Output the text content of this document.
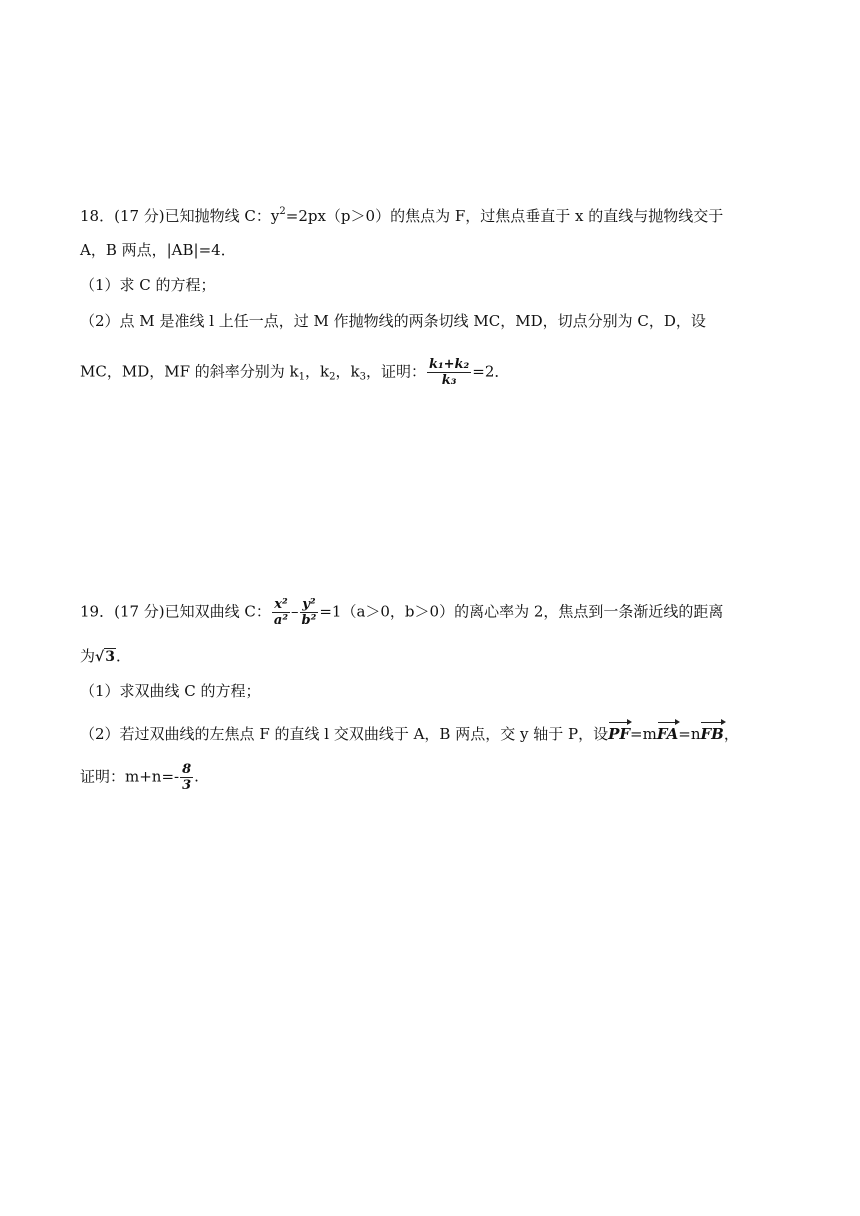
18．(17 分)已知抛物线 C：$y^2=2px(p>0)$的焦点为 F，过焦点垂直于 x 的直线与抛物线交于
A，B 两点，|AB|=4．
（1）求 C 的方程；
（2）点 M 是准线 l 上任一点，过 M 作抛物线的两条切线 MC，MD，切点分别为 C，D，设
MC，MD，MF 的斜率分别为 $k_1$，$k_2$，$k_3$，证明： $\frac{\text{k₁+k₂}}{\text{k₃}} =2$．
19．(17 分)已知双曲线 C： $\frac{\text{x²}}{\text{a²}} - \frac{\text{y²}}{\text{b²}} =1(a>0$，b＞0）的离心率为 2，焦点到一条渐近线的距离
为√3．
（1）求双曲线 C 的方程；
（2）若过双曲线的左焦点 F 的直线 l 交双曲线于 A，B 两点，交 y 轴于 P，设PF=mFA=nFB，
证明：$m+n=- \frac{8}{3}$ .
